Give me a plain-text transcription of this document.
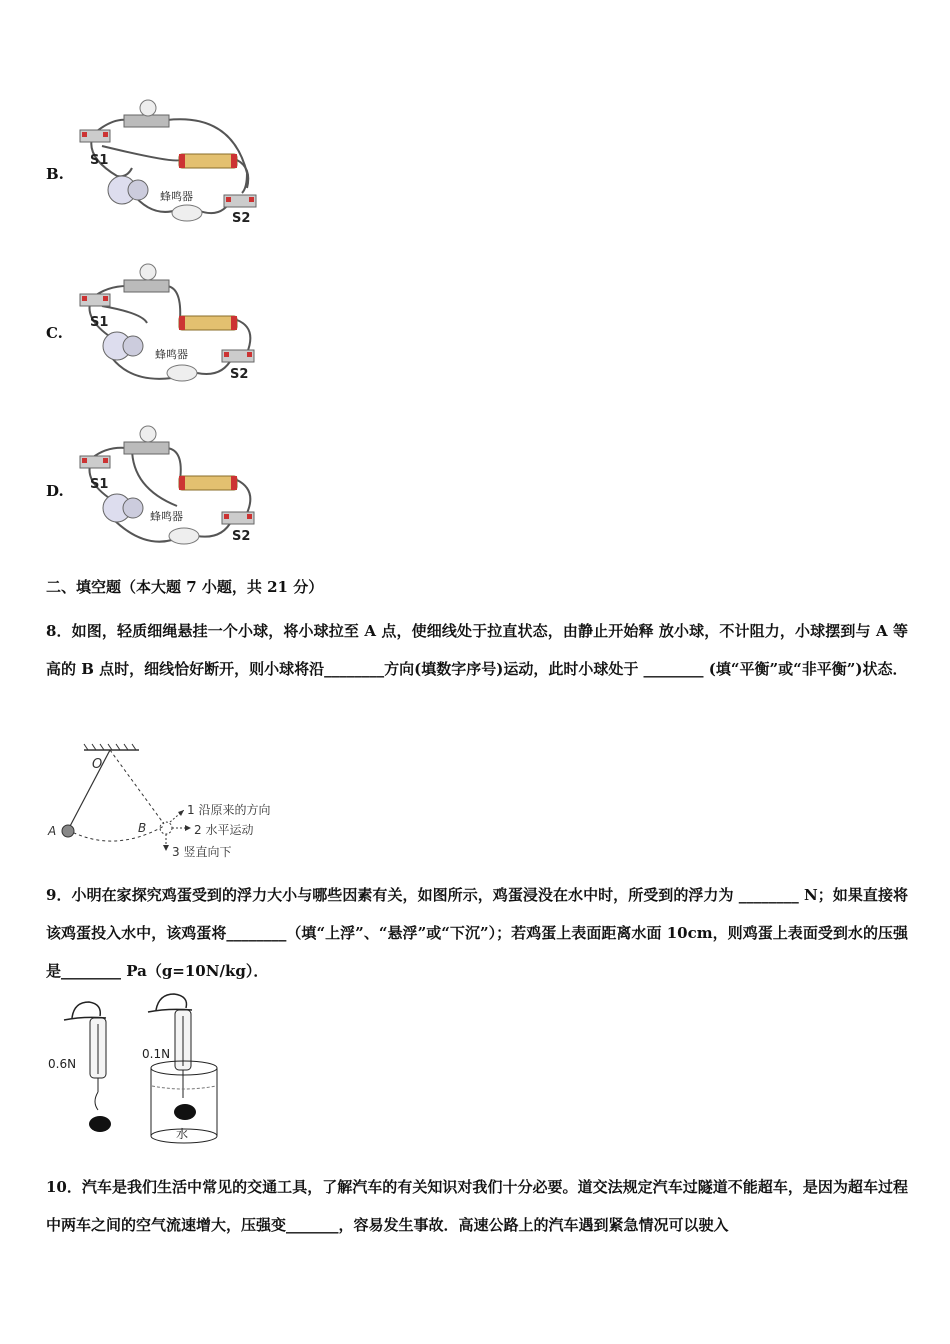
B.
S1
S2
蜂鸣器
C.
S1
S2
蜂鸣器
D. S1
S2
蜂鸣器
二、填空题（本大题 7 小题，共 21 分）
8．如图，轻质细绳悬挂一个小球，将小球拉至 A 点，使细线处于拉直状态，由静止开始释 放小球，不计阻力，小球摆到与 A 等高的 B 点时，细线恰好断开，则小球将沿________方向(填数字序号)运动，此时小球处于 ________ (填“平衡”或“非平衡”)状态．
O
A	B
1 沿原来的方向
2 水平运动
3 竖直向下
9．小明在家探究鸡蛋受到的浮力大小与哪些因素有关，如图所示，鸡蛋浸没在水中时，所受到的浮力为 ________ N；如果直接将该鸡蛋投入水中，该鸡蛋将________（填“上浮”、“悬浮”或“下沉”）；若鸡蛋上表面距离水面 10cm，则鸡蛋上表面受到水的压强是________ Pa（g=10N/kg）．
0.6N
0.1N
水
10．汽车是我们生活中常见的交通工具，了解汽车的有关知识对我们十分必要。道交法规定汽车过隧道不能超车，是因为超车过程中两车之间的空气流速增大，压强变_______，容易发生事故．高速公路上的汽车遇到紧急情况可以驶入
